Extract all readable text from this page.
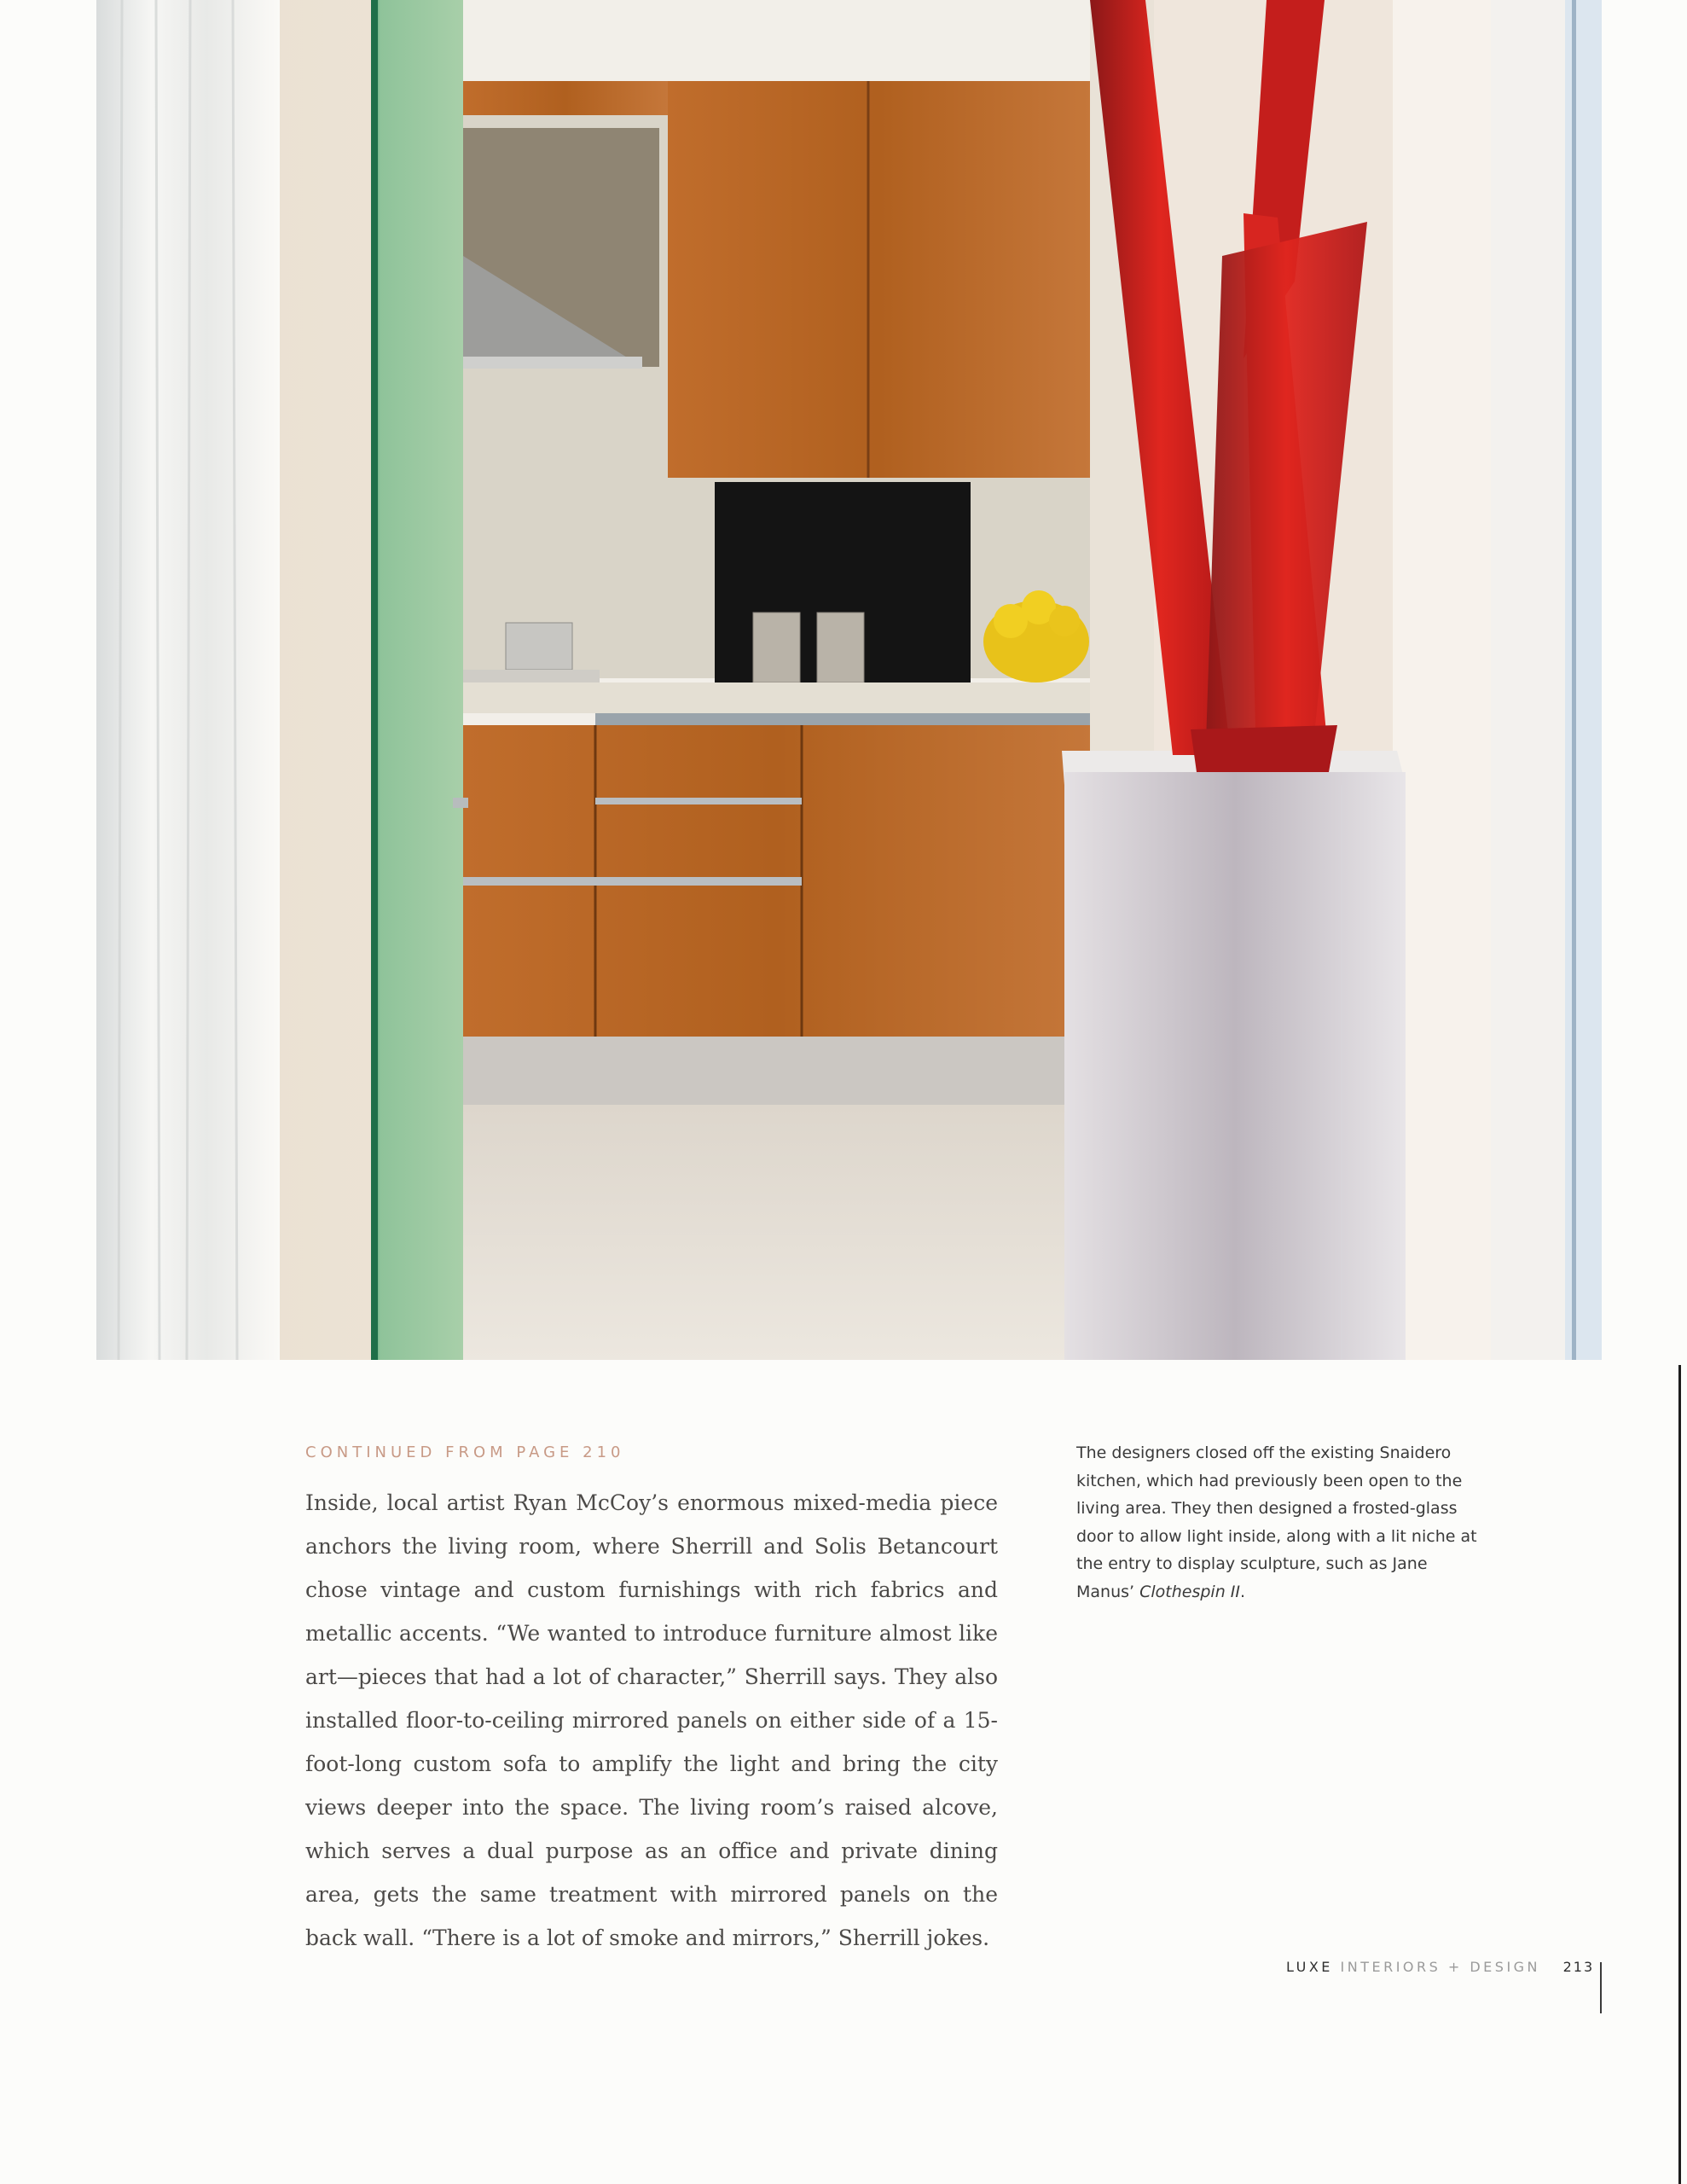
CONTINUED FROM PAGE 210

Inside, local artist Ryan McCoy’s enormous mixed-media piece anchors the living room, where Sherrill and Solis Betancourt chose vintage and custom furnishings with rich fabrics and metallic accents. “We wanted to introduce furniture almost like art—pieces that had a lot of character,” Sherrill says. They also installed floor-to-ceiling mirrored panels on either side of a 15-foot-long custom sofa to amplify the light and bring the city views deeper into the space. The living room’s raised alcove, which serves a dual purpose as an office and private dining area, gets the same treatment with mirrored panels on the back wall. “There is a lot of smoke and mirrors,” Sherrill jokes.

The designers closed off the existing Snaidero kitchen, which had previously been open to the living area. They then designed a frosted-glass door to allow light inside, along with a lit niche at the entry to display sculpture, such as Jane Manus’ Clothespin II.

LUXE INTERIORS + DESIGN 213
